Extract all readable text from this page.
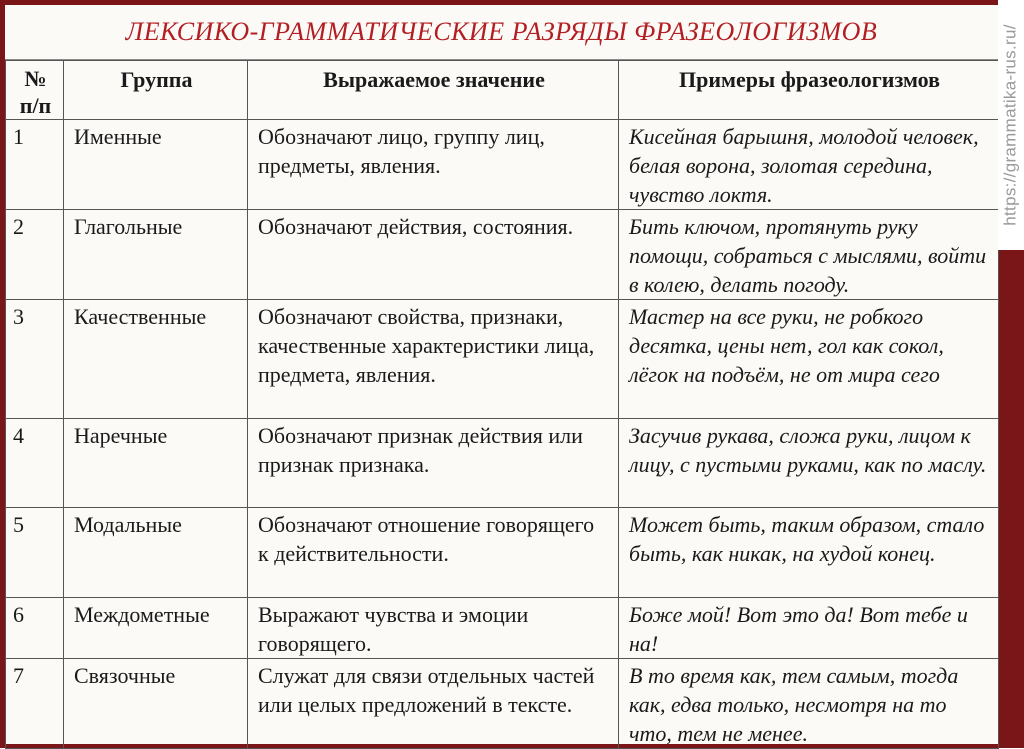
ЛЕКСИКО-ГРАММАТИЧЕСКИЕ РАЗРЯДЫ ФРАЗЕОЛОГИЗМОВ
№ п/п	Группа	Выражаемое значение	Примеры фразеологизмов
1	Именные	Обозначают лицо, группу лиц, предметы, явления.	Кисейная барышня, молодой человек, белая ворона, золотая середина, чувство локтя.
2	Глагольные	Обозначают действия, состояния.	Бить ключом, протянуть руку помощи, собраться с мыслями, войти в колею, делать погоду.
3	Качественные	Обозначают свойства, признаки, качественные характеристики лица, предмета, явления.	Мастер на все руки, не робкого десятка, цены нет, гол как сокол, лёгок на подъём, не от мира сего
4	Наречные	Обозначают признак действия или признак признака.	Засучив рукава, сложа руки, лицом к лицу, с пустыми руками, как по маслу.
5	Модальные	Обозначают отношение говорящего к действительности.	Может быть, таким образом, стало быть, как никак, на худой конец.
6	Междометные	Выражают чувства и эмоции говорящего.	Боже мой! Вот это да! Вот тебе и на!
7	Связочные	Служат для связи отдельных частей или целых предложений в тексте.	В то время как, тем самым, тогда как, едва только, несмотря на то что, тем не менее.
https://grammatika-rus.ru/
